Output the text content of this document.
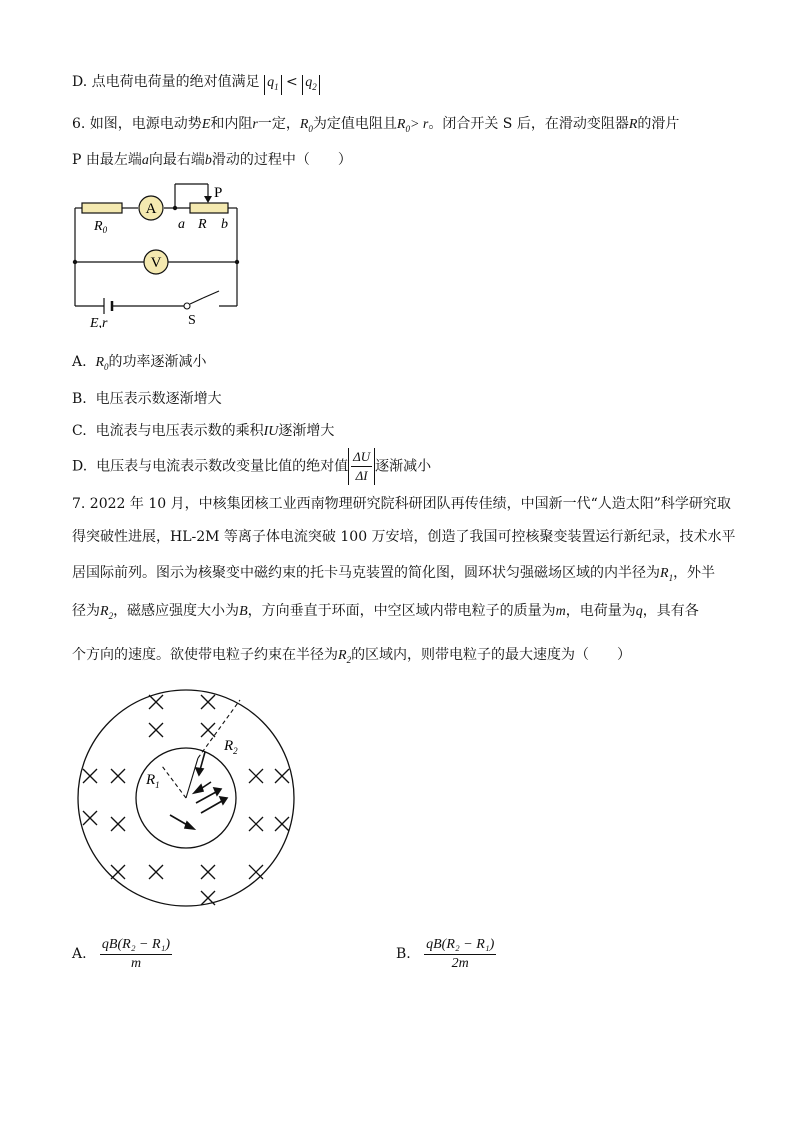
D. 点电荷电荷量的绝对值满足 $q_1 < q_2$
6. 如图，电源电动势E和内阻r一定，$R_0$为定值电阻且$R_0> r$。闭合开关 S 后，在滑动变阻器R的滑片
P 由最左端a向最右端b滑动的过程中（　　）
A
V
P
$R_0$	a R b
E,r	S
A. $R_0$的功率逐渐减小
B. 电压表示数逐渐增大
C. 电流表与电压表示数的乘积IU逐渐增大
D. 电压表与电流表示数改变量比值的绝对值 $\frac{\Delta U}{\Delta I}$ 逐渐减小
7. 2022 年 10 月，中核集团核工业西南物理研究院科研团队再传佳绩，中国新一代“人造太阳”科学研究取
得突破性进展，HL-2M 等离子体电流突破 100 万安培，创造了我国可控核聚变装置运行新纪录，技术水平
居国际前列。图示为核聚变中磁约束的托卡马克装置的简化图，圆环状匀强磁场区域的内半径为$R_1$，外半
径为$R_2$，磁感应强度大小为B，方向垂直于环面，中空区域内带电粒子的质量为m，电荷量为q，具有各
个方向的速度。欲使带电粒子约束在半径为$R_2$的区域内，则带电粒子的最大速度为（　　）
$R_1$
$R_2$
A. $\frac{\text{qB(R₂ − R₁)}}{m}$	B. $\frac{\text{qB(R₂ − R₁)}}{2m}$
